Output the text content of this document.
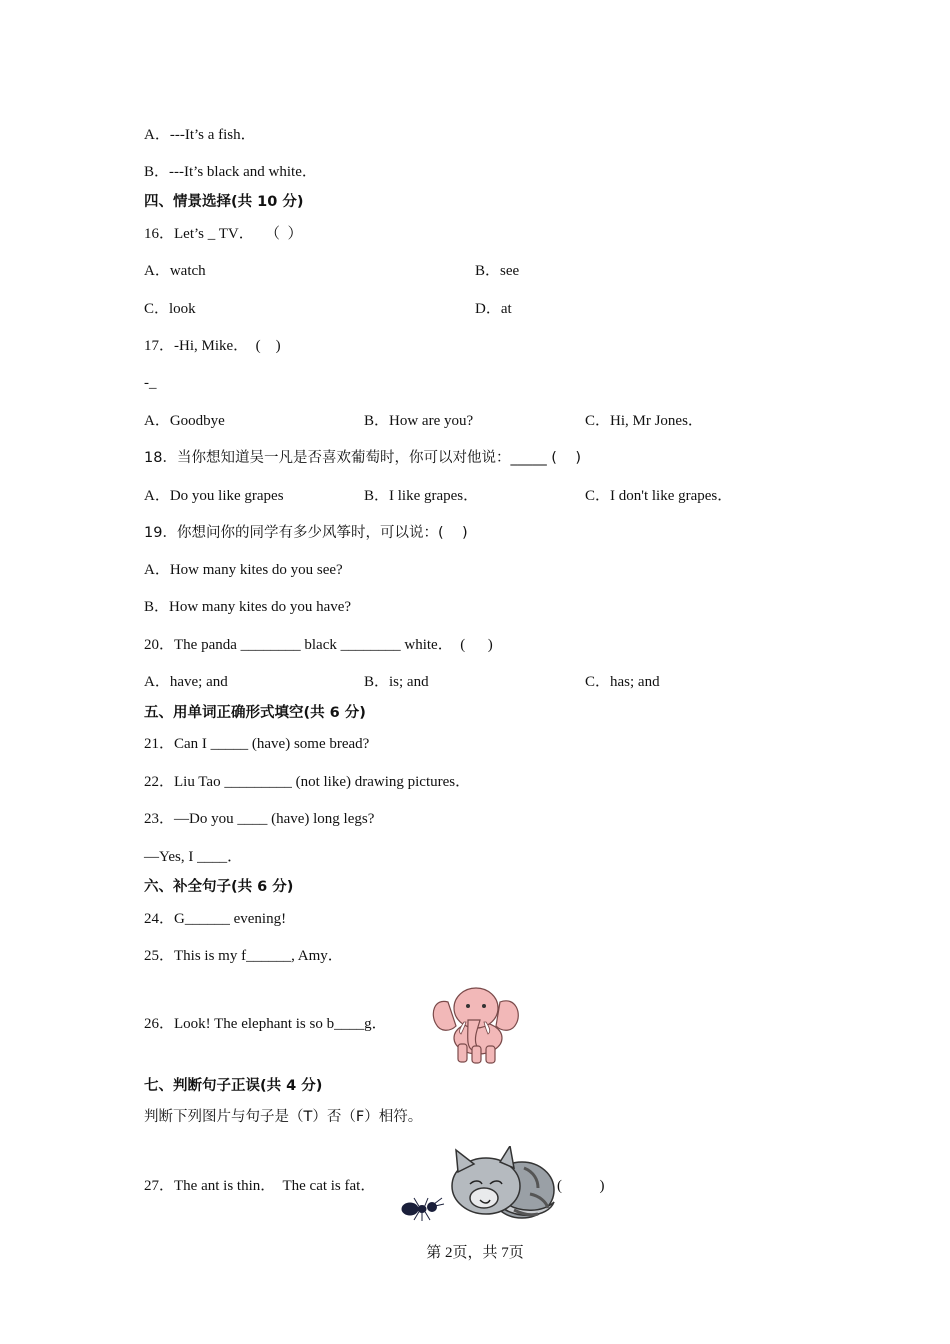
A．---It’s a fish．
B．---It’s black and white．
四、情景选择(共 10 分)
16．Let’s _ TV．   （  ）
A．watch	B．see
C．look	D．at
17．-Hi, Mike．  (    )
-_
A．Goodbye	B．How are you?	C．Hi, Mr Jones．
18．当你想知道吴一凡是否喜欢葡萄时，你可以对他说：_____ (    )
A．Do you like grapes	B．I like grapes．	C．I don't like grapes．
19．你想问你的同学有多少风筝时，可以说：(    )
A．How many kites do you see?
B．How many kites do you have?
20．The panda ________ black ________ white．  (      )
A．have; and	B．is; and	C．has; and
五、用单词正确形式填空(共 6 分)
21．Can I _____ (have) some bread?
22．Liu Tao _________ (not like) drawing pictures．
23．—Do you ____ (have) long legs?
—Yes, I ____．
六、补全句子(共 6 分)
24．G______ evening!
25．This is my f______, Amy．
26．Look! The elephant is so b____g．
七、判断句子正误(共 4 分)
判断下列图片与句子是（T）否（F）相符。
27．The ant is thin．  The cat is fat．	(          )
第 2页，共 7页
